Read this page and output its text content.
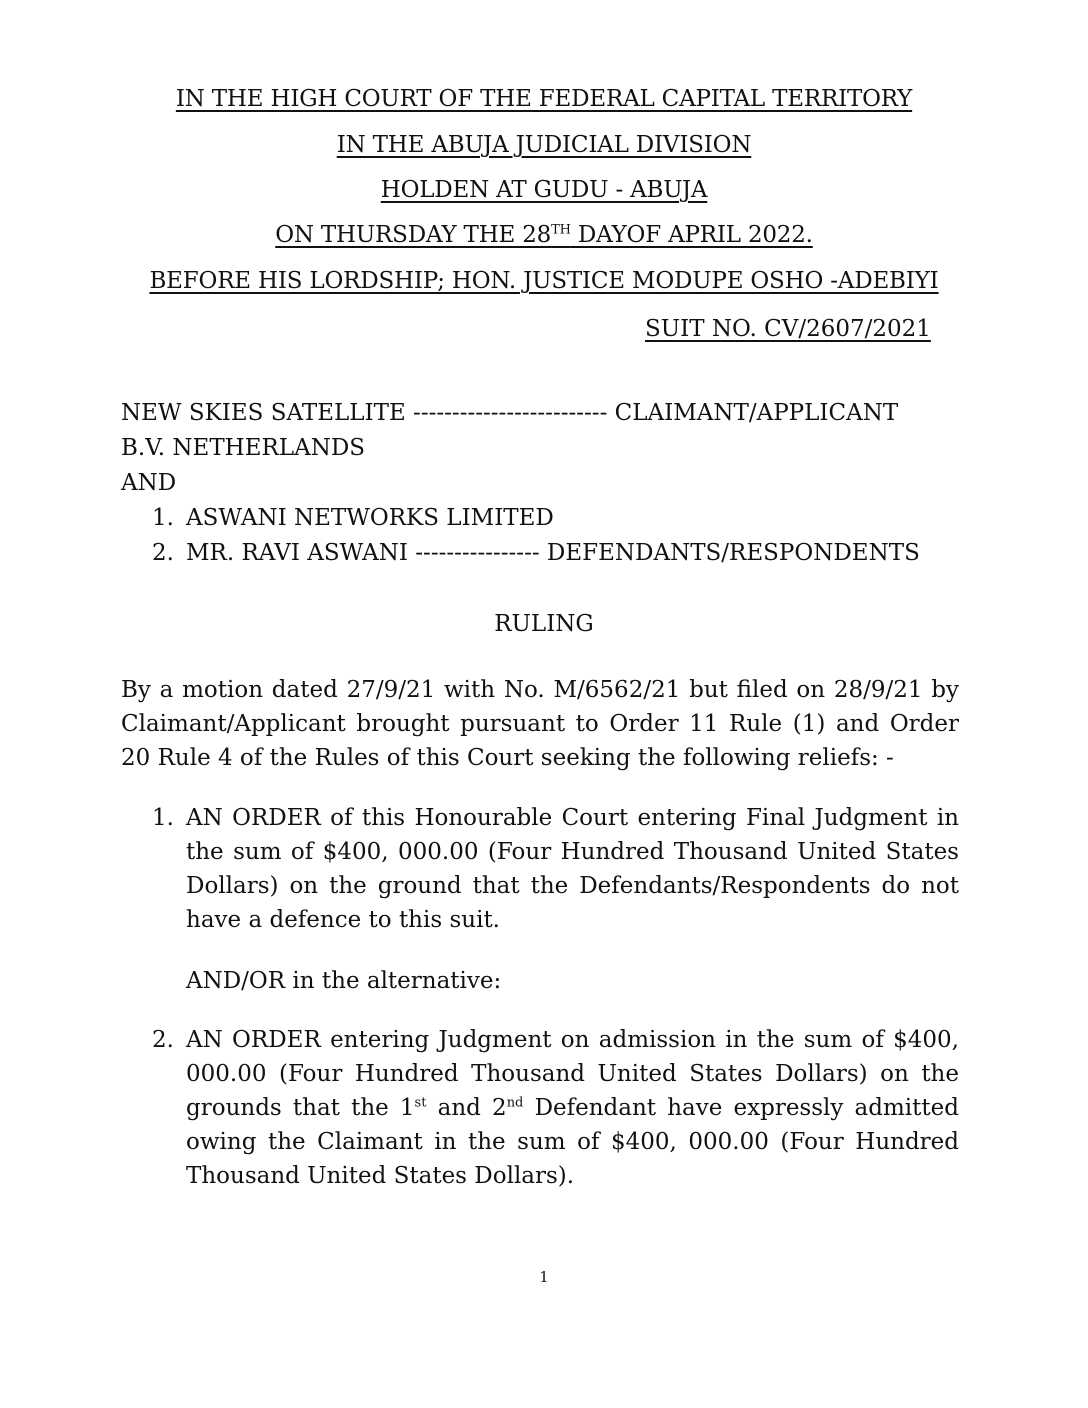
IN THE HIGH COURT OF THE FEDERAL CAPITAL TERRITORY
IN THE ABUJA JUDICIAL DIVISION
HOLDEN AT GUDU - ABUJA
ON THURSDAY THE 28TH DAYOF APRIL 2022.
BEFORE HIS LORDSHIP; HON. JUSTICE MODUPE OSHO -ADEBIYI
SUIT NO. CV/2607/2021
NEW SKIES SATELLITE ------------------------- CLAIMANT/APPLICANT
B.V. NETHERLANDS
AND
1. ASWANI NETWORKS LIMITED
2. MR. RAVI ASWANI ---------------- DEFENDANTS/RESPONDENTS
RULING
By a motion dated 27/9/21 with No. M/6562/21 but filed on 28/9/21 by Claimant/Applicant brought pursuant to Order 11 Rule (1) and Order 20 Rule 4 of the Rules of this Court seeking the following reliefs: -
1. AN ORDER of this Honourable Court entering Final Judgment in the sum of $400, 000.00 (Four Hundred Thousand United States Dollars) on the ground that the Defendants/Respondents do not have a defence to this suit.
AND/OR in the alternative:
2. AN ORDER entering Judgment on admission in the sum of $400, 000.00 (Four Hundred Thousand United States Dollars) on the grounds that the 1st and 2nd Defendant have expressly admitted owing the Claimant in the sum of $400, 000.00 (Four Hundred Thousand United States Dollars).
1
